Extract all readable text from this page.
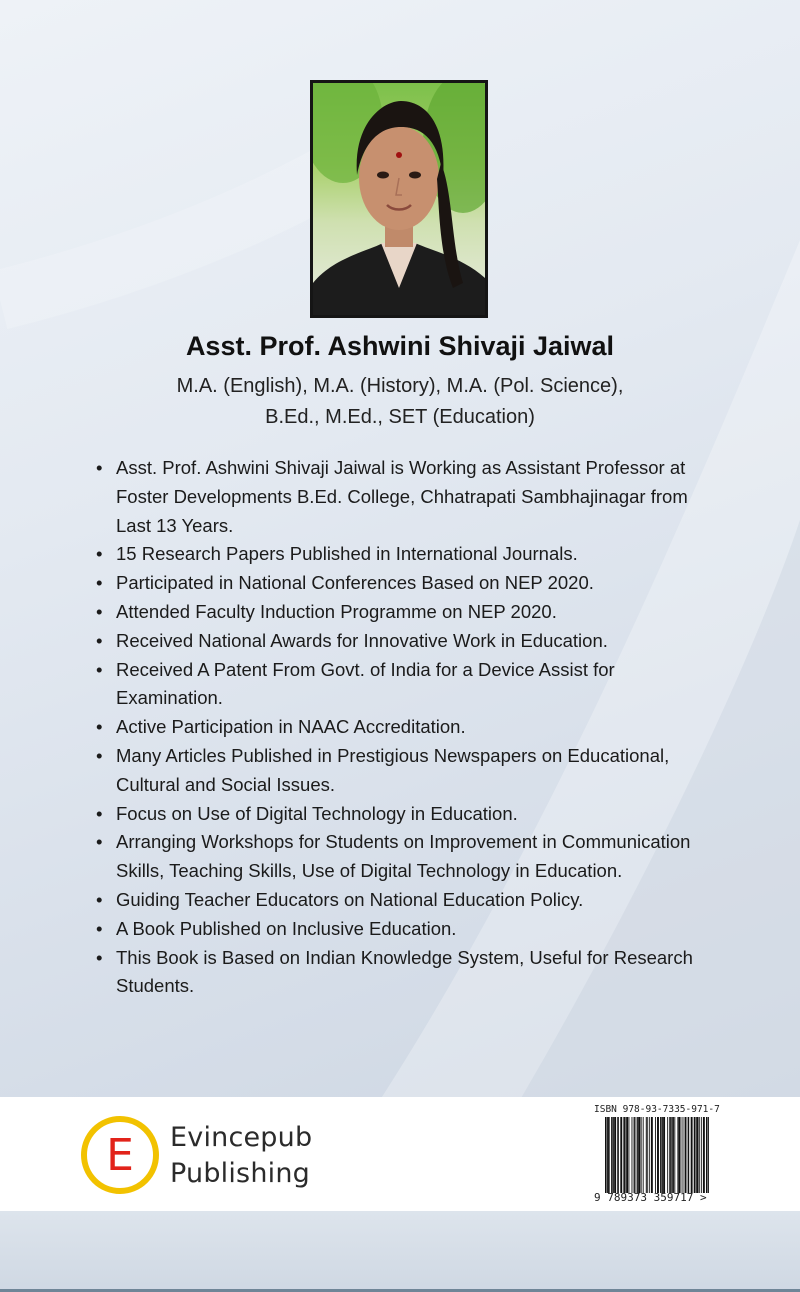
Asst. Prof. Ashwini Shivaji Jaiwal
M.A. (English), M.A. (History), M.A. (Pol. Science),
B.Ed., M.Ed., SET (Education)
• Asst. Prof. Ashwini Shivaji Jaiwal is Working as Assistant Professor at Foster Developments B.Ed. College, Chhatrapati Sambhajinagar from Last 13 Years.
• 15 Research Papers Published in International Journals.
• Participated in National Conferences Based on NEP 2020.
• Attended Faculty Induction Programme on NEP 2020.
• Received National Awards for Innovative Work in Education.
• Received A Patent From Govt. of India for a Device Assist for Examination.
• Active Participation in NAAC Accreditation.
• Many Articles Published in Prestigious Newspapers on Educational, Cultural and Social Issues.
• Focus on Use of Digital Technology in Education.
• Arranging Workshops for Students on Improvement in Communication Skills, Teaching Skills, Use of Digital Technology in Education.
• Guiding Teacher Educators on National Education Policy.
• A Book Published on Inclusive Education.
• This Book is Based on Indian Knowledge System, Useful for Research Students.
E Evincepub
Publishing
ISBN 978-93-7335-971-7
9 789373 359717 >
